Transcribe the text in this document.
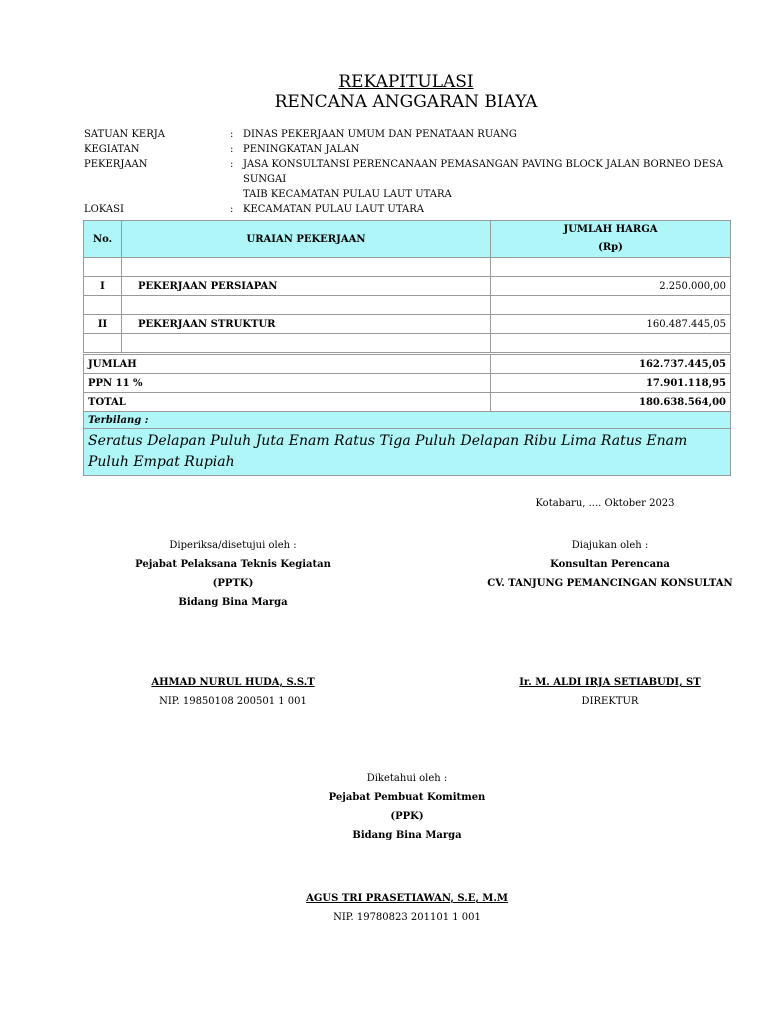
REKAPITULASI
RENCANA ANGGARAN BIAYA
SATUAN KERJA	: DINAS PEKERJAAN UMUM DAN PENATAAN RUANG
KEGIATAN	: PENINGKATAN JALAN
PEKERJAAN	: JASA KONSULTANSI PERENCANAAN PEMASANGAN PAVING BLOCK JALAN BORNEO DESA SUNGAI
TAIB KECAMATAN PULAU LAUT UTARA
LOKASI	: KECAMATAN PULAU LAUT UTARA
No.	URAIAN PEKERJAAN	JUMLAH HARGA
(Rp)

I	PEKERJAAN PERSIAPAN	2.250.000,00

II	PEKERJAAN STRUKTUR	160.487.445,05

JUMLAH		162.737.445,05
PPN 11 %		17.901.118,95
TOTAL		180.638.564,00
Terbilang :		
Seratus Delapan Puluh Juta Enam Ratus Tiga Puluh Delapan Ribu Lima Ratus Enam Puluh Empat Rupiah		
Kotabaru, .... Oktober 2023
Diperiksa/disetujui oleh :
Pejabat Pelaksana Teknis Kegiatan
(PPTK)
Bidang Bina Marga
AHMAD NURUL HUDA, S.S.T
NIP. 19850108 200501 1 001
Diajukan oleh :
Konsultan Perencana
CV. TANJUNG PEMANCINGAN KONSULTAN
Ir. M. ALDI IRJA SETIABUDI, ST
DIREKTUR
Diketahui oleh :
Pejabat Pembuat Komitmen
(PPK)
Bidang Bina Marga
AGUS TRI PRASETIAWAN, S.E, M.M
NIP. 19780823 201101 1 001
